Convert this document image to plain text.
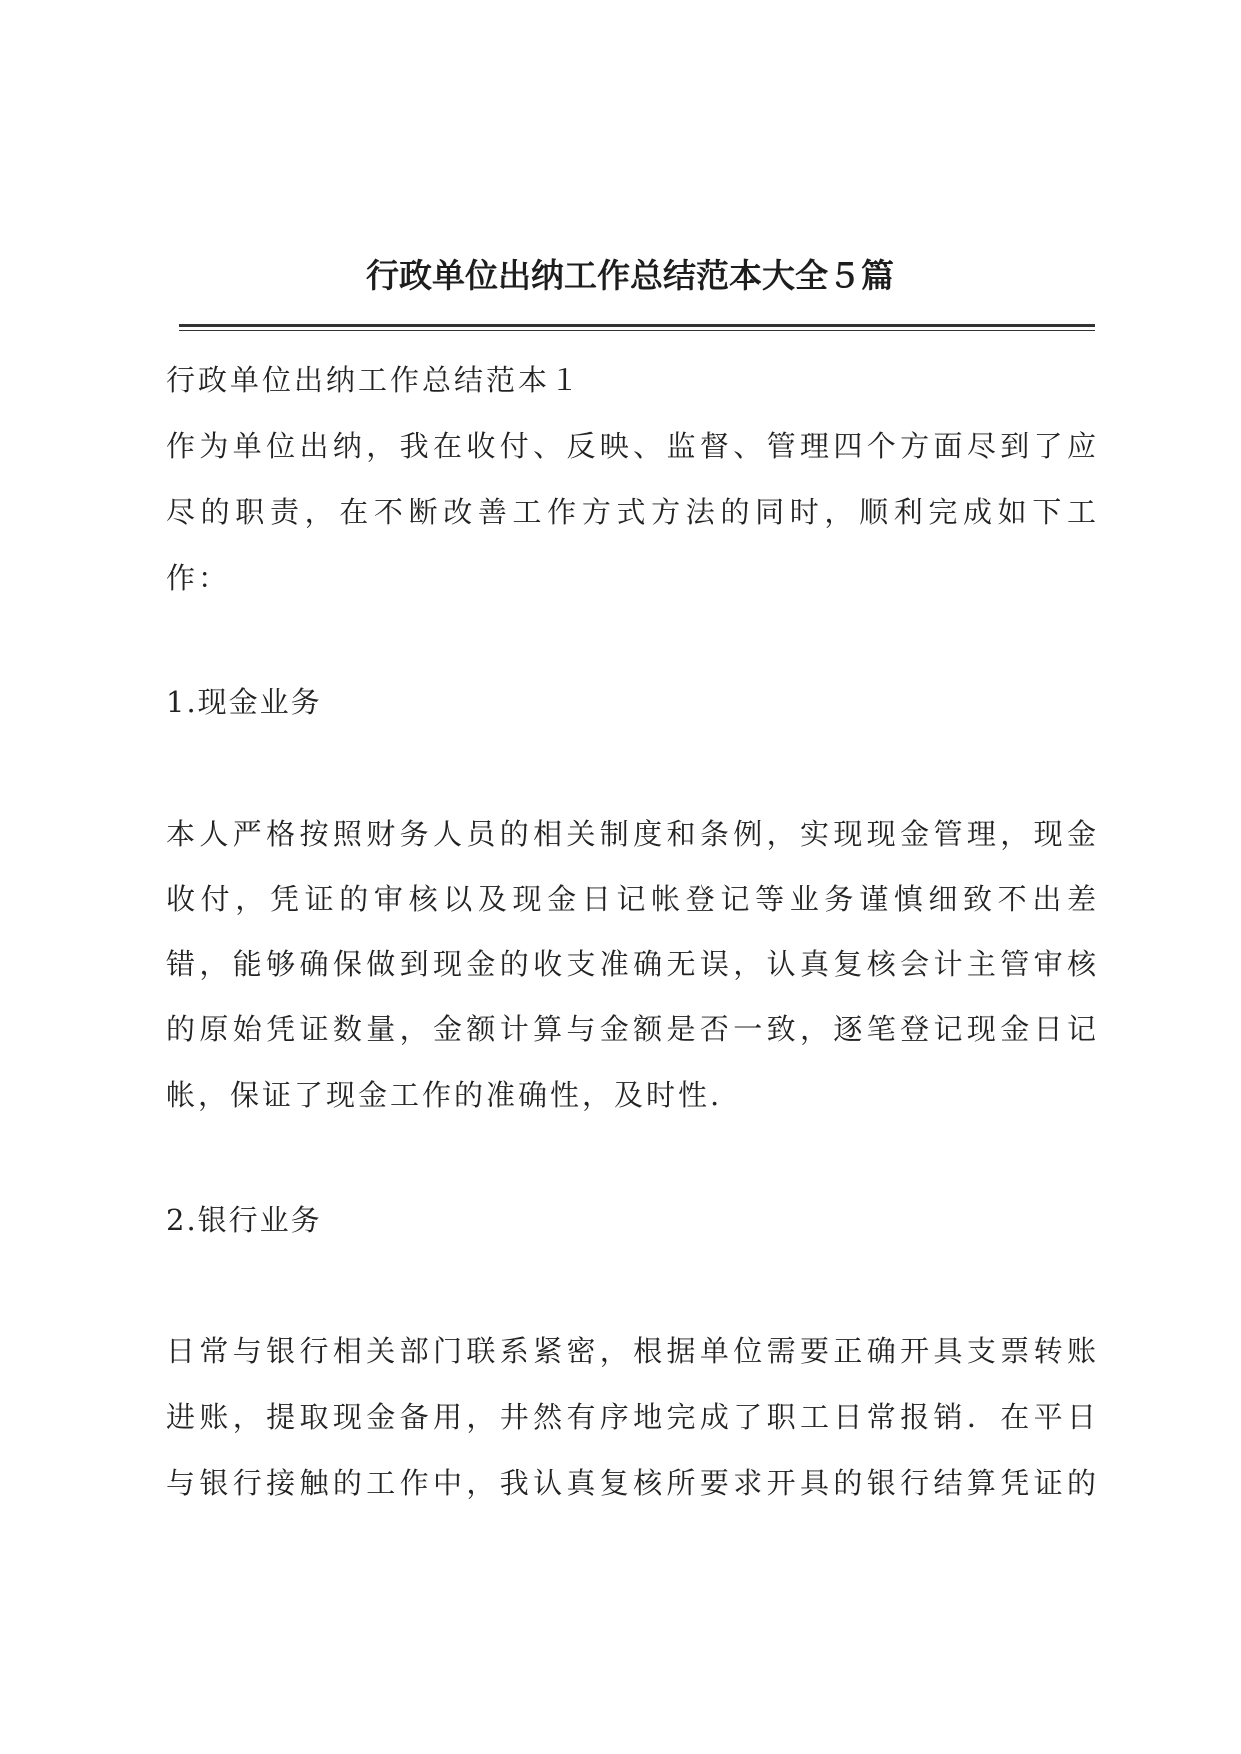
行政单位出纳工作总结范本大全５篇

行政单位出纳工作总结范本１

作为单位出纳，我在收付、反映、监督、管理四个方面尽到了应

尽的职责，在不断改善工作方式方法的同时，顺利完成如下工

作：

1.现金业务

本人严格按照财务人员的相关制度和条例，实现现金管理，现金

收付，凭证的审核以及现金日记帐登记等业务谨慎细致不出差

错，能够确保做到现金的收支准确无误，认真复核会计主管审核

的原始凭证数量，金额计算与金额是否一致，逐笔登记现金日记

帐，保证了现金工作的准确性，及时性.

2.银行业务

日常与银行相关部门联系紧密，根据单位需要正确开具支票转账

进账，提取现金备用，井然有序地完成了职工日常报销．在平日

与银行接触的工作中，我认真复核所要求开具的银行结算凭证的
